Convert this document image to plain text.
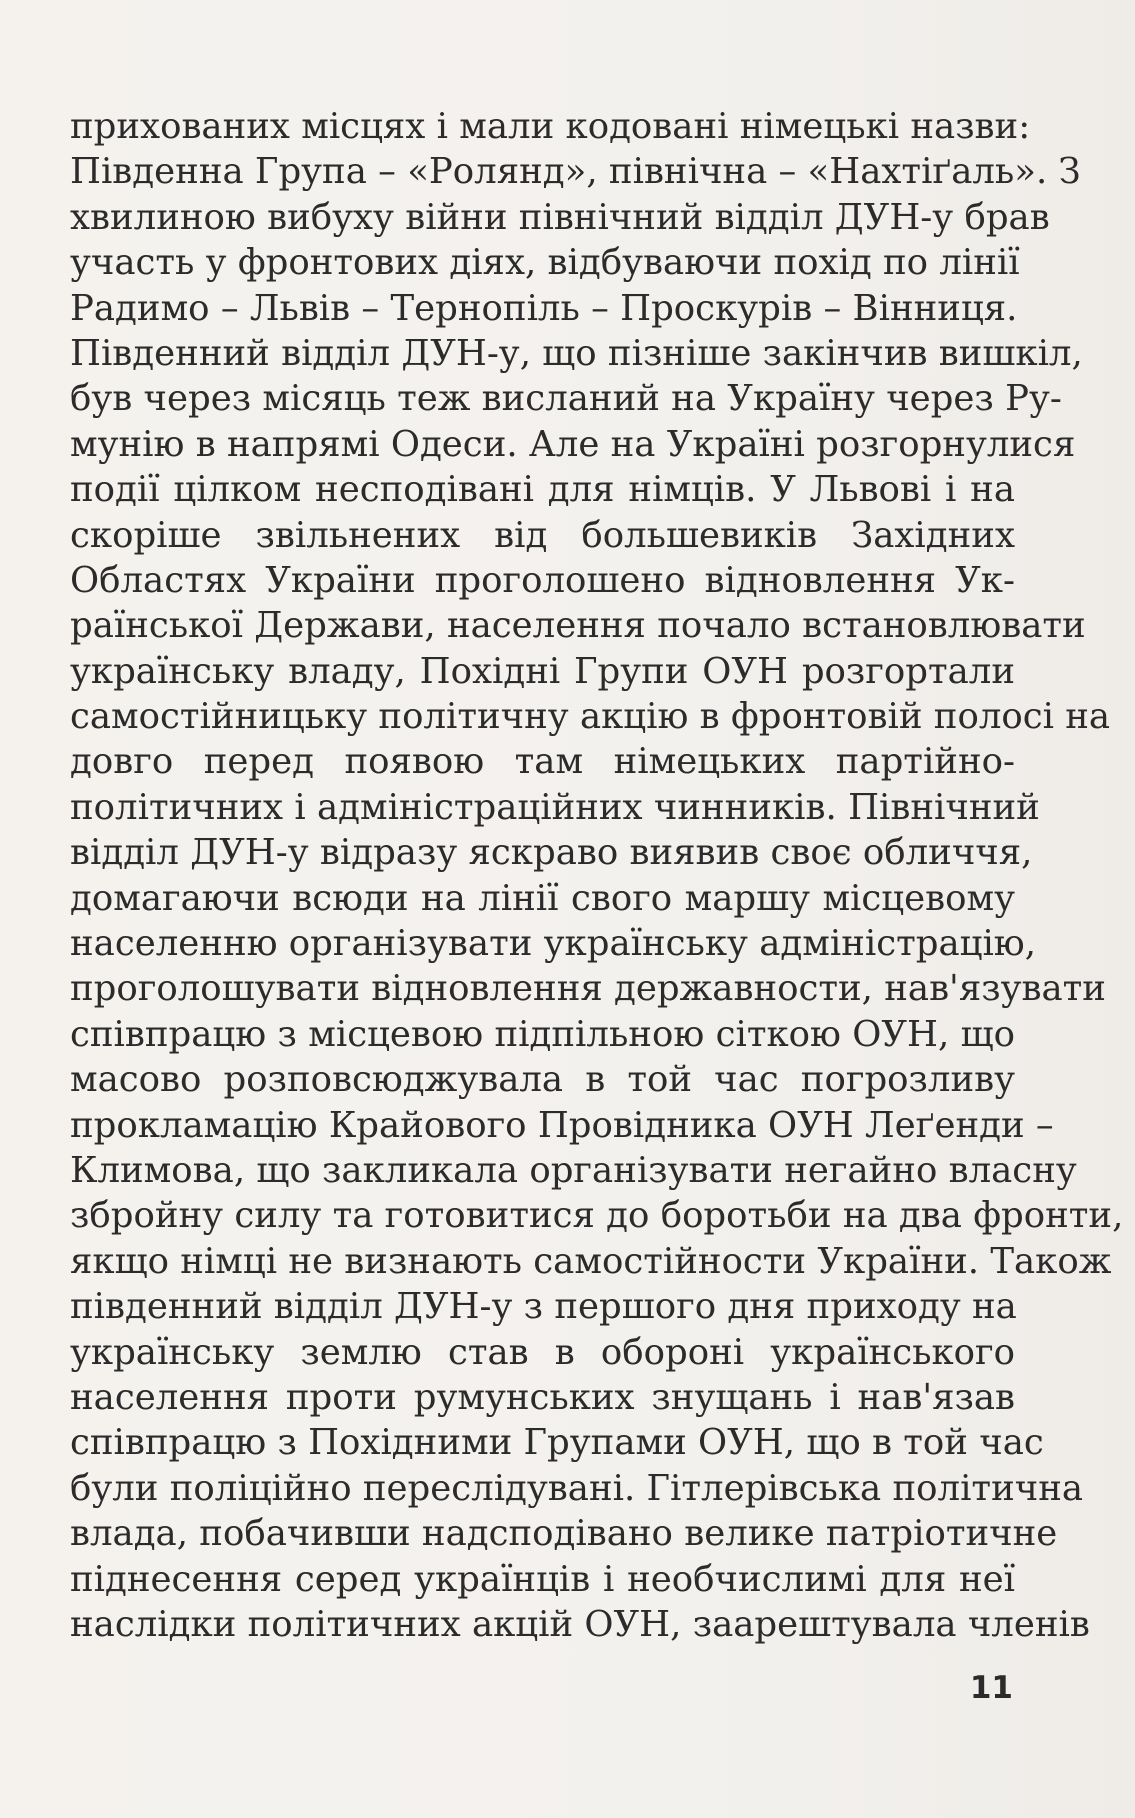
прихованих місцях і мали кодовані німецькі назви:
Південна Група – «Ролянд», північна – «Нахтіґаль». З
хвилиною вибуху війни північний відділ ДУН-у брав
участь у фронтових діях, відбуваючи похід по лінії
Радимо – Львів – Тернопіль – Проскурів – Вінниця.
Південний відділ ДУН-у, що пізніше закінчив вишкіл,
був через місяць теж висланий на Україну через Ру-
мунію в напрямі Одеси. Але на Україні розгорнулися
події цілком несподівані для німців. У Львові і на
скоріше звільнених від большевиків Західних
Областях України проголошено відновлення Ук-
раїнської Держави, населення почало встановлювати
українську владу, Похідні Групи ОУН розгортали
самостійницьку політичну акцію в фронтовій полосі на
довго перед появою там німецьких партійно-
політичних і адміністраційних чинників. Північний
відділ ДУН-у відразу яскраво виявив своє обличчя,
домагаючи всюди на лінії свого маршу місцевому
населенню організувати українську адміністрацію,
проголошувати відновлення державности, нав'язувати
співпрацю з місцевою підпільною сіткою ОУН, що
масово розповсюджувала в той час погрозливу
прокламацію Крайового Провідника ОУН Леґенди –
Климова, що закликала організувати негайно власну
збройну силу та готовитися до боротьби на два фронти,
якщо німці не визнають самостійности України. Також
південний відділ ДУН-у з першого дня приходу на
українську землю став в обороні українського
населення проти румунських знущань і нав'язав
співпрацю з Похідними Групами ОУН, що в той час
були поліційно переслідувані. Гітлерівська політична
влада, побачивши надсподівано велике патріотичне
піднесення серед українців і необчислимі для неї
наслідки політичних акцій ОУН, заарештувала членів
11
